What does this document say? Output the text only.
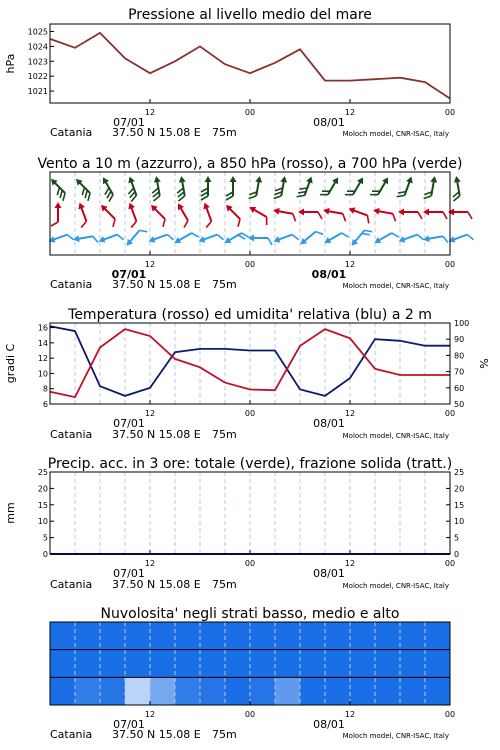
Pressione al livello medio del mare
1021
1022
1023
1024
1025
hPa
12	00	12	00
07/01	08/01
Catania 37.50 N 15.08 E 75m	Moloch model, CNR-ISAC, Italy
Vento a 10 m (azzurro), a 850 hPa (rosso), a 700 hPa (verde)
12	00	12	00
07/01	08/01
Catania 37.50 N 15.08 E 75m	Moloch model, CNR-ISAC, Italy
Temperatura (rosso) ed umidita' relativa (blu) a 2 m
6
8
10
12
14
16
50
60
70
80
90
100
gradi C	%
12	00	12	00
07/01	08/01
Catania 37.50 N 15.08 E 75m	Moloch model, CNR-ISAC, Italy
Precip. acc. in 3 ore: totale (verde), frazione solida (tratt.)
0
5
10
15
20
25
0
5
10
15
20
25
mm
12	00	12	00
07/01	08/01
Catania 37.50 N 15.08 E 75m	Moloch model, CNR-ISAC, Italy
Nuvolosita' negli strati basso, medio e alto
12	00	12	00
07/01	08/01
Catania 37.50 N 15.08 E 75m	Moloch model, CNR-ISAC, Italy
